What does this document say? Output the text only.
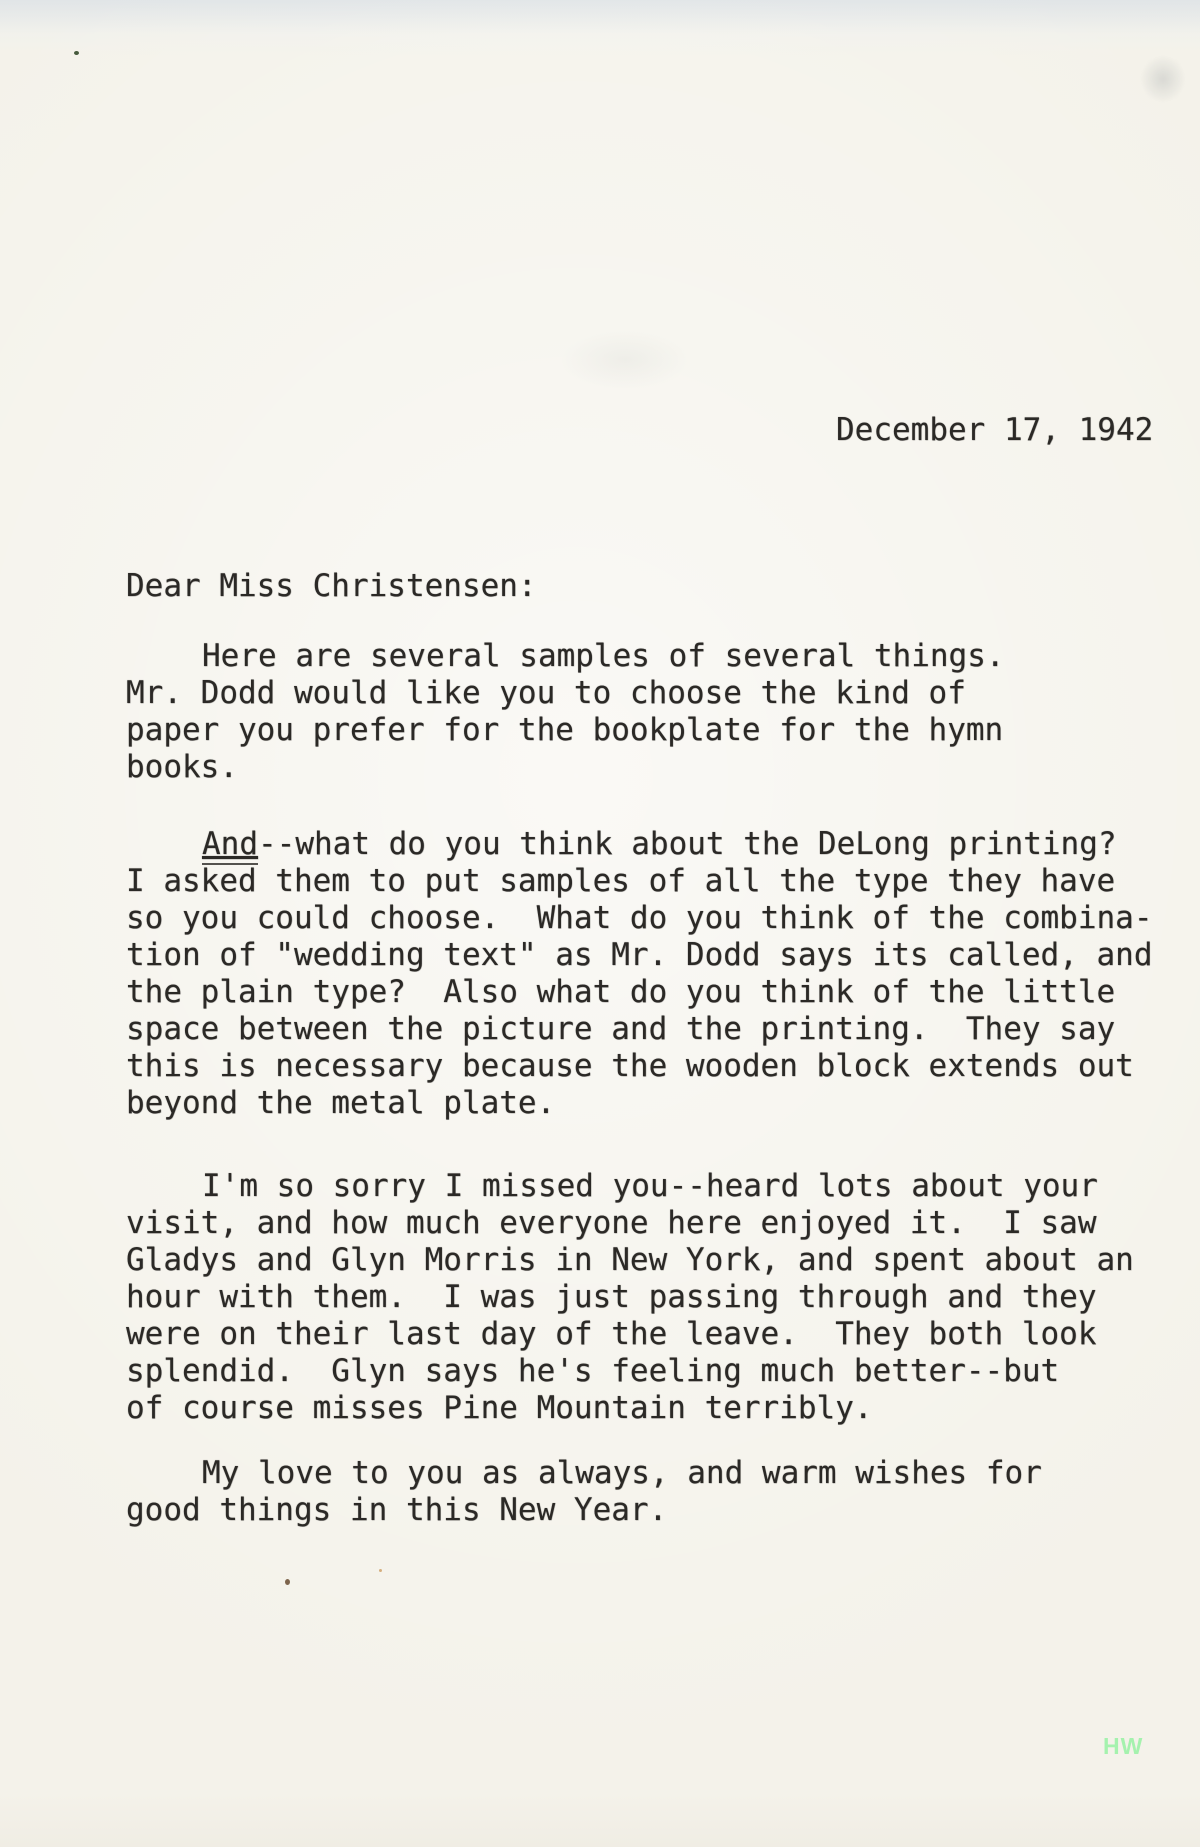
December 17, 1942

Dear Miss Christensen:

Here are several samples of several things.
Mr. Dodd would like you to choose the kind of
paper you prefer for the bookplate for the hymn
books.
And--what do you think about the DeLong printing?
I asked them to put samples of all the type they have
so you could choose.  What do you think of the combina-
tion of "wedding text" as Mr. Dodd says its called, and
the plain type?  Also what do you think of the little
space between the picture and the printing.  They say
this is necessary because the wooden block extends out
beyond the metal plate.
I'm so sorry I missed you--heard lots about your
visit, and how much everyone here enjoyed it.  I saw
Gladys and Glyn Morris in New York, and spent about an
hour with them.  I was just passing through and they
were on their last day of the leave.  They both look
splendid.  Glyn says he's feeling much better--but
of course misses Pine Mountain terribly.
My love to you as always, and warm wishes for
good things in this New Year.
HW
